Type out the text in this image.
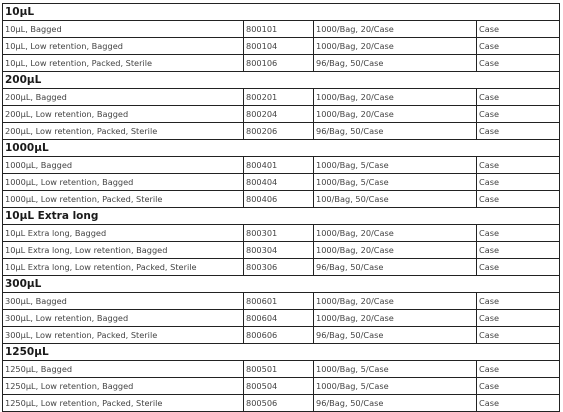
10μL			
10μL, Bagged	800101	1000/Bag, 20/Case	Case
10μL, Low retention, Bagged	800104	1000/Bag, 20/Case	Case
10μL, Low retention, Packed, Sterile	800106	96/Bag, 50/Case	Case
200μL			
200μL, Bagged	800201	1000/Bag, 20/Case	Case
200μL, Low retention, Bagged	800204	1000/Bag, 20/Case	Case
200μL, Low retention, Packed, Sterile	800206	96/Bag, 50/Case	Case
1000μL			
1000μL, Bagged	800401	1000/Bag, 5/Case	Case
1000μL, Low retention, Bagged	800404	1000/Bag, 5/Case	Case
1000μL, Low retention, Packed, Sterile	800406	100/Bag, 50/Case	Case
10μL Extra long			
10μL Extra long, Bagged	800301	1000/Bag, 20/Case	Case
10μL Extra long, Low retention, Bagged	800304	1000/Bag, 20/Case	Case
10μL Extra long, Low retention, Packed, Sterile	800306	96/Bag, 50/Case	Case
300μL			
300μL, Bagged	800601	1000/Bag, 20/Case	Case
300μL, Low retention, Bagged	800604	1000/Bag, 20/Case	Case
300μL, Low retention, Packed, Sterile	800606	96/Bag, 50/Case	Case
1250μL			
1250μL, Bagged	800501	1000/Bag, 5/Case	Case
1250μL, Low retention, Bagged	800504	1000/Bag, 5/Case	Case
1250μL, Low retention, Packed, Sterile	800506	96/Bag, 50/Case	Case
